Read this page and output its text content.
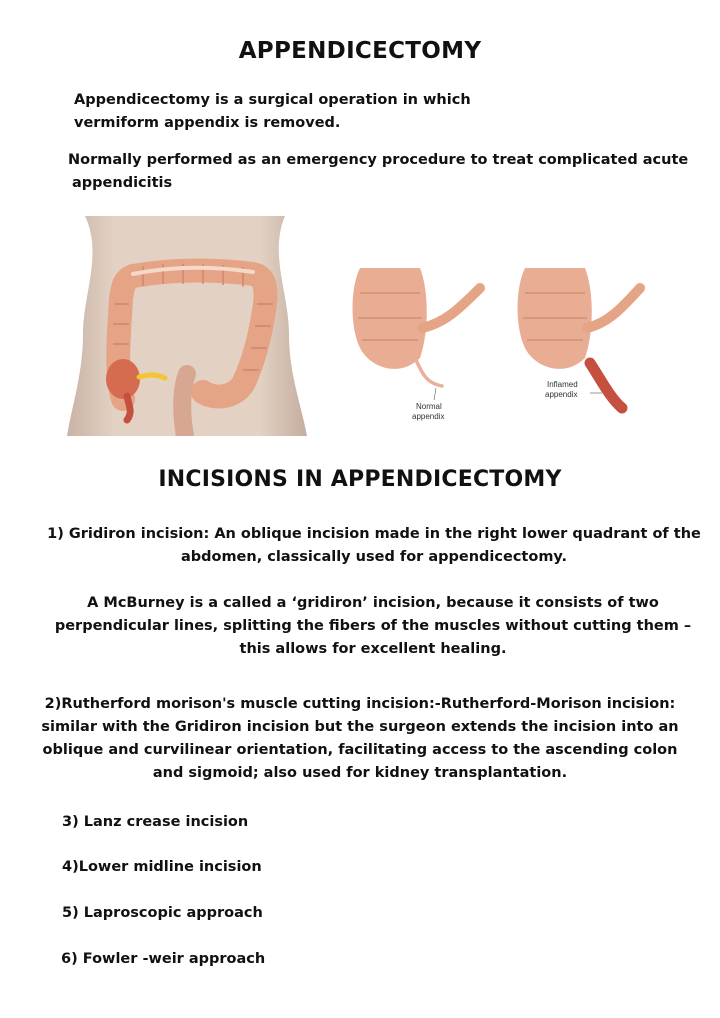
APPENDICECTOMY
Appendicectomy is a surgical operation in which
vermiform appendix is removed.
Normally performed as an emergency procedure to treat complicated acute
appendicitis
Normal
appendix
Inflamed
appendix
INCISIONS IN APPENDICECTOMY
1) Gridiron incision: An oblique incision made in the right lower quadrant of the
abdomen, classically used for appendicectomy.
A McBurney is a called a ‘gridiron’ incision, because it consists of two
perpendicular lines, splitting the fibers of the muscles without cutting them –
this allows for excellent healing.
2)Rutherford morison's muscle cutting incision:-Rutherford-Morison incision:
similar with the Gridiron incision but the surgeon extends the incision into an
oblique and curvilinear orientation, facilitating access to the ascending colon
and sigmoid; also used for kidney transplantation.
3) Lanz crease incision
4)Lower midline incision
5) Laproscopic approach
6) Fowler -weir approach
